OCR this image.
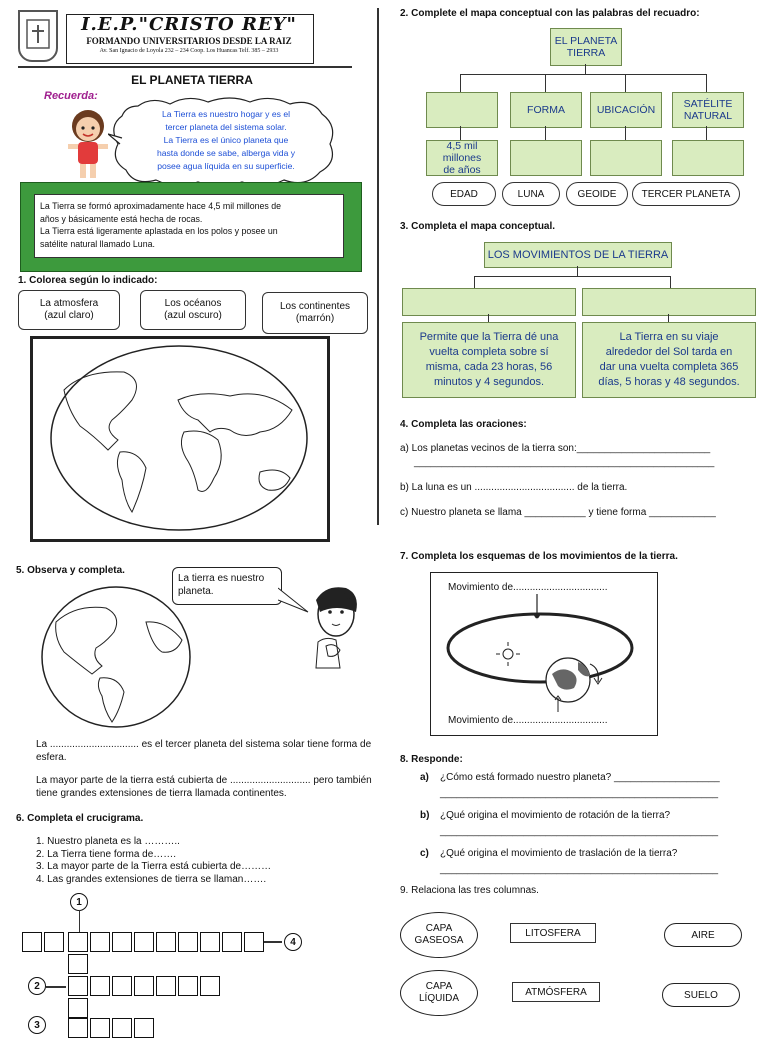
I.E.P."CRISTO REY"
FORMANDO UNIVERSITARIOS DESDE LA RAIZ
Av. San Ignacio de Loyola 232 – 234 Coop. Los Huancas Telf. 385 – 2933
EL PLANETA TIERRA
Recuerda:
La Tierra es nuestro hogar y es el
tercer planeta del sistema solar.
La Tierra es el único planeta que
hasta donde se sabe, alberga vida y
posee agua líquida en su superficie.
La Tierra se formó aproximadamente hace 4,5 mil millones de
años y básicamente está hecha de rocas.
La Tierra está ligeramente aplastada en los polos y posee un
satélite natural llamado Luna.
1. Colorea según lo indicado:
La atmosfera
(azul claro)
Los océanos
(azul oscuro)
Los continentes
(marrón)
2. Complete el mapa conceptual con las palabras del recuadro:
EL PLANETA
TIERRA
FORMA	UBICACIÓN
SATÉLITE NATURAL
4,5 mil millones
de años
EDAD	LUNA	GEOIDE	TERCER PLANETA
3. Completa el mapa conceptual.
LOS MOVIMIENTOS DE LA TIERRA
Permite que la Tierra dé una
vuelta completa sobre sí
misma, cada 23 horas, 56
minutos y 4 segundos.
La Tierra en su viaje
alrededor del Sol tarda en
dar una vuelta completa 365
días, 5 horas y 48 segundos.
4. Completa las oraciones:
a) Los planetas vecinos de la tierra son:________________________
______________________________________________________
b) La luna es un .................................... de la tierra.
c) Nuestro planeta se llama ___________ y tiene forma ____________
5. Observa y completa.
La tierra es nuestro planeta.
La ................................ es el tercer planeta del sistema solar tiene forma de esfera.
La mayor parte de la tierra está cubierta de ............................. pero también tiene grandes extensiones de tierra llamada continentes.
6. Completa el crucigrama.
1. Nuestro planeta es la ………..
2. La Tierra tiene forma de…….
3. La mayor parte de la Tierra está cubierta de………
4. Las grandes extensiones de tierra se llaman…….
1
4
2
3
7. Completa los esquemas de los movimientos de la tierra.
Movimiento de..................................
Movimiento de..................................
8. Responde:
a) ¿Cómo está formado nuestro planeta? ___________________
__________________________________________________
b) ¿Qué origina el movimiento de rotación de la tierra?
__________________________________________________
c) ¿Qué origina el movimiento de traslación de la tierra?
__________________________________________________
9. Relaciona las tres columnas.
CAPA
GASEOSA
CAPA
LÍQUIDA
LITOSFERA
ATMÓSFERA
AIRE
SUELO
